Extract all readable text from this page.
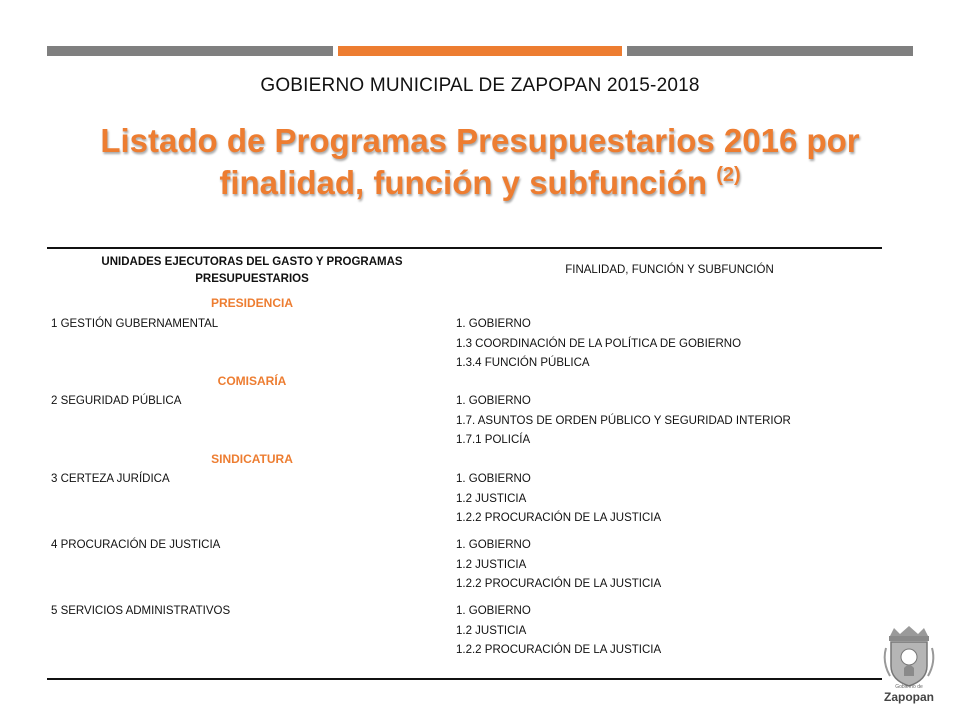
GOBIERNO MUNICIPAL DE ZAPOPAN 2015-2018
Listado de Programas Presupuestarios 2016 por finalidad, función y subfunción $^{(2)}$
UNIDADES EJECUTORAS DEL GASTO Y PROGRAMAS PRESUPUESTARIOS
FINALIDAD, FUNCIÓN Y SUBFUNCIÓN
PRESIDENCIA
1 GESTIÓN GUBERNAMENTAL	1. GOBIERNO
1.3 COORDINACIÓN DE LA POLÍTICA DE GOBIERNO
1.3.4 FUNCIÓN PÚBLICA
COMISARÍA
2 SEGURIDAD PÚBLICA	1. GOBIERNO
1.7. ASUNTOS DE ORDEN PÚBLICO Y SEGURIDAD INTERIOR
1.7.1 POLICÍA
SINDICATURA
3 CERTEZA JURÍDICA	1. GOBIERNO
1.2 JUSTICIA
1.2.2 PROCURACIÓN DE LA JUSTICIA
4 PROCURACIÓN DE JUSTICIA	1. GOBIERNO
1.2 JUSTICIA
1.2.2 PROCURACIÓN DE LA JUSTICIA
5 SERVICIOS ADMINISTRATIVOS	1. GOBIERNO
1.2 JUSTICIA
1.2.2 PROCURACIÓN DE LA JUSTICIA
Gobierno de
Zapopan
